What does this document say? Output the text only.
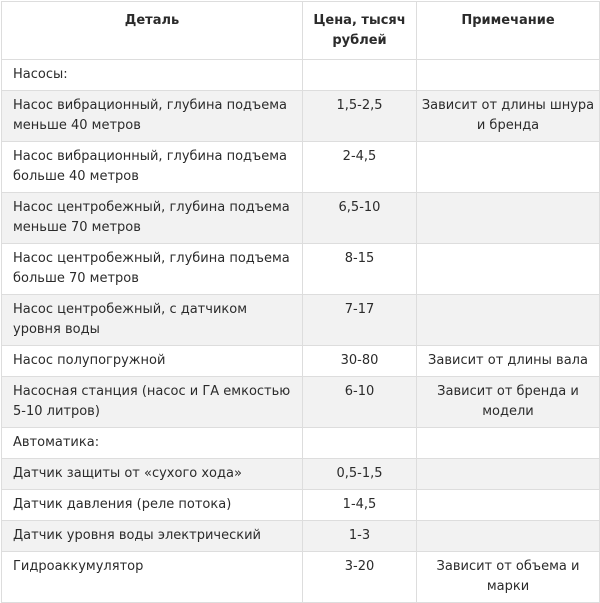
Деталь	Цена, тысяч рублей	Примечание
Насосы:		
Насос вибрационный, глубина подъема меньше 40 метров	1,5-2,5	Зависит от длины шнура и бренда
Насос вибрационный, глубина подъема больше 40 метров	2-4,5	
Насос центробежный, глубина подъема меньше 70 метров	6,5-10	
Насос центробежный, глубина подъема больше 70 метров	8-15	
Насос центробежный, с датчиком уровня воды	7-17	
Насос полупогружной	30-80	Зависит от длины вала
Насосная станция (насос и ГА емкостью 5-10 литров)	6-10	Зависит от бренда и модели
Автоматика:		
Датчик защиты от «сухого хода»	0,5-1,5	
Датчик давления (реле потока)	1-4,5	
Датчик уровня воды электрический	1-3	
Гидроаккумулятор	3-20	Зависит от объема и марки
